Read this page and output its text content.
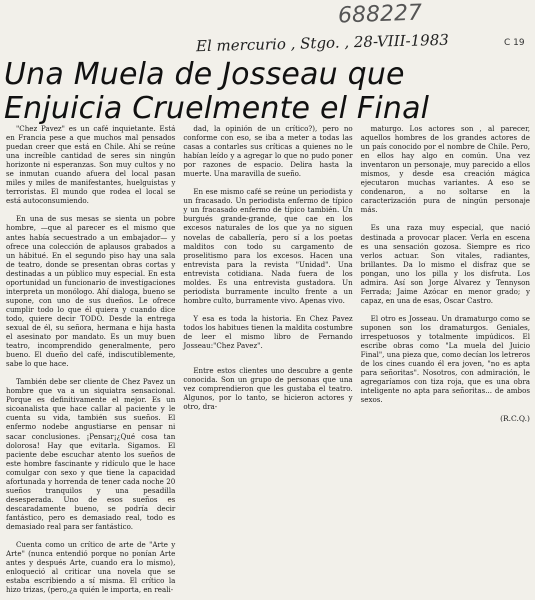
688227
El mercurio , Stgo. , 28-VIII-1983	C 19
Una Muela de Josseau que Enjuicia Cruelmente el Final

"Chez Pavez" es un café inquietante. Está en Francia pese a que muchos mal pensados puedan creer que está en Chile. Ahí se reúne una increíble cantidad de seres sin ningún horizonte ni esperanzas. Son muy cultos y no se inmutan cuando afuera del local pasan miles y miles de manifestantes, huelguistas y terroristas. El mundo que rodea el local se está autoconsumiendo.

En una de sus mesas se sienta un pobre hombre, —que al parecer es el mismo que antes había secuestrado a un embajador— y ofrece una colección de aplausos grabados a un hábitué. En el segundo piso hay una sala de teatro, donde se presentan obras cortas y destinadas a un público muy especial. En esta oportunidad un funcionario de investigaciones interpreta un monólogo. Ahí dialoga, bueno se supone, con uno de sus dueños. Le ofrece cumplir todo lo que él quiera y cuando dice todo, quiere decir TODO. Desde la entrega sexual de él, su señora, hermana e hija hasta el asesinato por mandato. Es un muy buen teatro, incomprendido generalmente, pero bueno. El dueño del café, indiscutiblemente, sabe lo que hace.

También debe ser cliente de Chez Pavez un hombre que va a un siquiatra sensacional. Porque es definitivamente el mejor. Es un sicoanalista que hace callar al paciente y le cuenta su vida, también sus sueños. El enfermo nodebe angustiarse en pensar ni sacar conclusiones. ¡Pensar¡¿Qué cosa tan dolorosa! Hay que evitarla. Sigamos. El paciente debe escuchar atento los sueños de este hombre fascinante y ridículo que le hace comulgar con sexo y que tiene la capacidad afortunada y horrenda de tener cada noche 20 sueños tranquilos y una pesadilla desesperada. Uno de esos sueños es descaradamente bueno, se podría decir fantástico, pero es demasiado real, todo es demasiado real para ser fantástico.

Cuenta como un crítico de arte de "Arte y Arte" (nunca entendió porque no ponían Arte antes y después Arte, cuando era lo mismo), enloqueció al criticar una novela que se estaba escribiendo a sí misma. El crítico la hizo trizas, (pero,¿a quién le importa, en reali-

dad, la opinión de un crítico?), pero no conforme con eso, se iba a meter a todas las casas a contarles sus críticas a quienes no le habían leído y a agregar lo que no pudo poner por razones de espacio. Delira hasta la muerte. Una maravilla de sueño.

En ese mismo café se reúne un periodista y un fracasado. Un periodista enfermo de típico y un fracasado enfermo de típico también. Un burgués grande-grande, que cae en los excesos naturales de los que ya no siguen novelas de caballería, pero sí a los poetas malditos con todo su cargamento de proselitismo para los excesos. Hacen una entrevista para la revista "Unidad". Una entrevista cotidiana. Nada fuera de los moldes. Es una entrevista gustadora. Un periodista burramente inculto frente a un hombre culto, burramente vivo. Apenas vivo.

Y esa es toda la historia. En Chez Pavez todos los habitues tienen la maldita costumbre de leer el mismo libro de Fernando Josseau:"Chez Pavez".

Entre estos clientes uno descubre a gente conocida. Son un grupo de personas que una vez comprendieron que les gustaba el teatro. Algunos, por lo tanto, se hicieron actores y otro, dra-

maturgo. Los actores son , al parecer, aquellos hombres de los grandes actores de un país conocido por el nombre de Chile. Pero, en ellos hay algo en común. Una vez inventaron un personaje, muy parecido a ellos mismos, y desde esa creación mágica ejecutaron muchas variantes. A eso se condenaron, a no soltarse en la caracterización pura de ningún personaje más.

Es una raza muy especial, que nació destinada a provocar placer. Verla en escena es una sensación gozosa. Siempre es rico verlos actuar. Son vitales, radiantes, brillantes. Da lo mismo el disfraz que se pongan, uno los pilla y los disfruta. Los admira. Así son Jorge Alvarez y Tennyson Ferrada; Jaime Azócar en menor grado; y capaz, en una de esas, Oscar Castro.

El otro es Josseau. Un dramaturgo como se suponen son los dramaturgos. Geniales, irrespetuosos y totalmente impúdicos. El escribe obras como "La muela del Juicio Final", una pieza que, como decían los letreros de los cines cuando él era joven, "no es apta para señoritas". Nosotros, con admiración, le agregaríamos con tiza roja, que es una obra inteligente no apta para señoritas... de ambos sexos.

(R.C.Q.)
